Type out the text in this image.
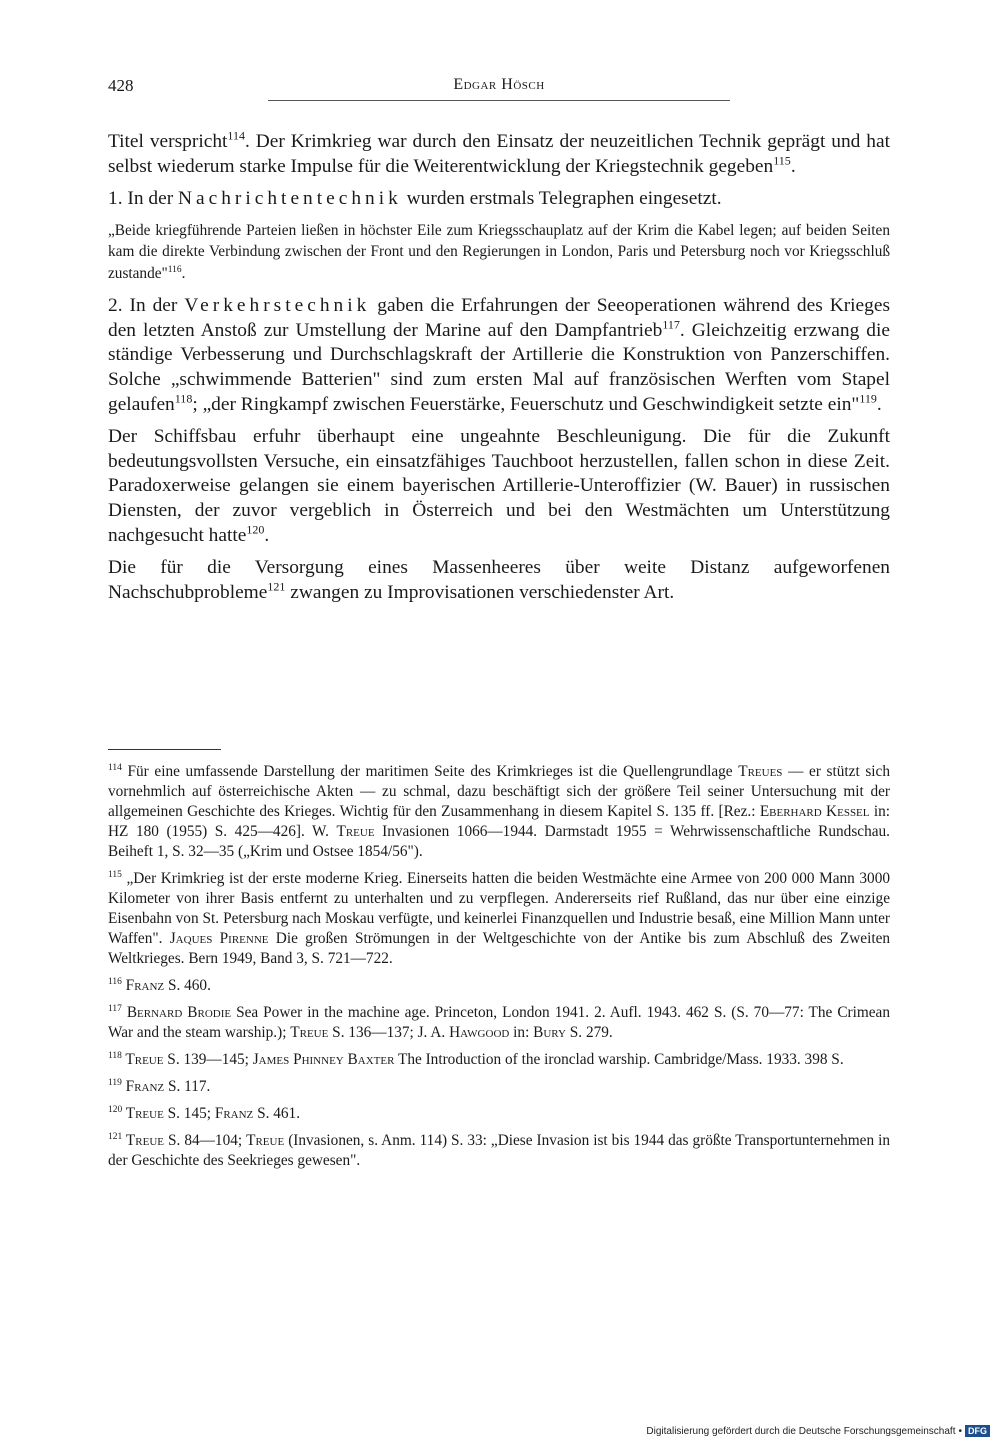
428	Edgar Hösch

Titel verspricht$^{114}$. Der Krimkrieg war durch den Einsatz der neuzeitlichen Technik geprägt und hat selbst wiederum starke Impulse für die Weiterentwicklung der Kriegstechnik gegeben$^{115}$.

1. In der Nachrichtentechnik wurden erstmals Telegraphen eingesetzt.

„Beide kriegführende Parteien ließen in höchster Eile zum Kriegsschauplatz auf der Krim die Kabel legen; auf beiden Seiten kam die direkte Verbindung zwischen der Front und den Regierungen in London, Paris und Petersburg noch vor Kriegsschluß zustande"$^{116}$.

2. In der Verkehrstechnik gaben die Erfahrungen der Seeoperationen während des Krieges den letzten Anstoß zur Umstellung der Marine auf den Dampfantrieb$^{117}$. Gleichzeitig erzwang die ständige Verbesserung und Durchschlagskraft der Artillerie die Konstruktion von Panzerschiffen. Solche „schwimmende Batterien" sind zum ersten Mal auf französischen Werften vom Stapel gelaufen$^{118}$; „der Ringkampf zwischen Feuerstärke, Feuerschutz und Geschwindigkeit setzte ein"$^{119}$.

Der Schiffsbau erfuhr überhaupt eine ungeahnte Beschleunigung. Die für die Zukunft bedeutungsvollsten Versuche, ein einsatzfähiges Tauchboot herzustellen, fallen schon in diese Zeit. Paradoxerweise gelangen sie einem bayerischen Artillerie-Unteroffizier (W. Bauer) in russischen Diensten, der zuvor vergeblich in Österreich und bei den Westmächten um Unterstützung nachgesucht hatte$^{120}$.

Die für die Versorgung eines Massenheeres über weite Distanz aufgeworfenen Nachschubprobleme$^{121}$ zwangen zu Improvisationen verschiedenster Art.

$^{114}$ Für eine umfassende Darstellung der maritimen Seite des Krimkrieges ist die Quellengrundlage Treues — er stützt sich vornehmlich auf österreichische Akten — zu schmal, dazu beschäftigt sich der größere Teil seiner Untersuchung mit der allgemeinen Geschichte des Krieges. Wichtig für den Zusammenhang in diesem Kapitel S. 135 ff. [Rez.: Eberhard Kessel in: HZ 180 (1955) S. 425—426]. W. Treue Invasionen 1066—1944. Darmstadt 1955 = Wehrwissenschaftliche Rundschau. Beiheft 1, S. 32—35 („Krim und Ostsee 1854/56").

$^{115}$ „Der Krimkrieg ist der erste moderne Krieg. Einerseits hatten die beiden Westmächte eine Armee von 200 000 Mann 3000 Kilometer von ihrer Basis entfernt zu unterhalten und zu verpflegen. Andererseits rief Rußland, das nur über eine einzige Eisenbahn von St. Petersburg nach Moskau verfügte, und keinerlei Finanzquellen und Industrie besaß, eine Million Mann unter Waffen". Jaques Pirenne Die großen Strömungen in der Weltgeschichte von der Antike bis zum Abschluß des Zweiten Weltkrieges. Bern 1949, Band 3, S. 721—722.

$^{116}$ Franz S. 460.

$^{117}$ Bernard Brodie Sea Power in the machine age. Princeton, London 1941. 2. Aufl. 1943. 462 S. (S. 70—77: The Crimean War and the steam warship.); Treue S. 136—137; J. A. Hawgood in: Bury S. 279.

$^{118}$ Treue S. 139—145; James Phinney Baxter The Introduction of the ironclad warship. Cambridge/Mass. 1933. 398 S.

$^{119}$ Franz S. 117.

$^{120}$ Treue S. 145; Franz S. 461.

$^{121}$ Treue S. 84—104; Treue (Invasionen, s. Anm. 114) S. 33: „Diese Invasion ist bis 1944 das größte Transportunternehmen in der Geschichte des Seekrieges gewesen".

Digitalisierung gefördert durch die Deutsche Forschungsgemeinschaft • DFG
